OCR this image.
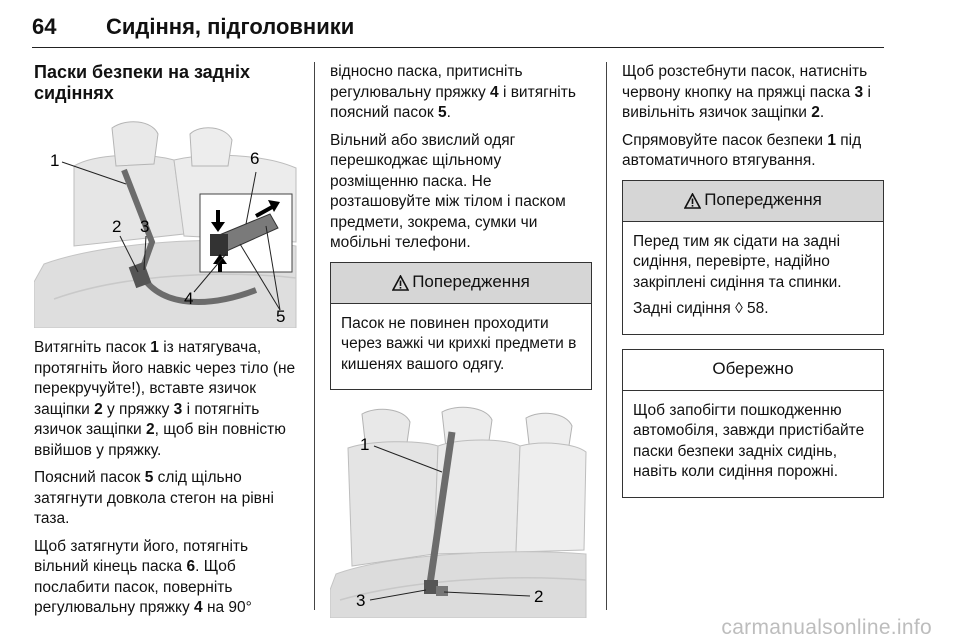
64	Сидіння, підголовники
Паски безпеки на задніх сидіннях
1	6
2 3
4
5

Витягніть пасок 1 із натягувача, протягніть його навкіс через тіло (не перекручуйте!), вставте язичок защіпки 2 у пряжку 3 і потягніть язичок защіпки 2, щоб він повністю ввійшов у пряжку.

Поясний пасок 5 слід щільно затягнути довкола стегон на рівні таза.

Щоб затягнути його, потягніть вільний кінець паска 6. Щоб послабити пасок, поверніть регулювальну пряжку 4 на 90°

відносно паска, притисніть регулювальну пряжку 4 і витягніть поясний пасок 5.

Вільний або звислий одяг перешкоджає щільному розміщенню паска. Не розташовуйте між тілом і паском предмети, зокрема, сумки чи мобільні телефони.

Попередження

Пасок не повинен проходити через важкі чи крихкі предмети в кишенях вашого одягу.

1
3	2

Щоб розстебнути пасок, натисніть червону кнопку на пряжці паска 3 і вивільніть язичок защіпки 2.

Спрямовуйте пасок безпеки 1 під автоматичного втягування.

Попередження

Перед тим як сідати на задні сидіння, перевірте, надійно закріплені сидіння та спинки.

Задні сидіння ◊ 58.

Обережно

Щоб запобігти пошкодженню автомобіля, завжди пристібайте паски безпеки задніх сидінь, навіть коли сидіння порожні.

carmanualsonline.info
